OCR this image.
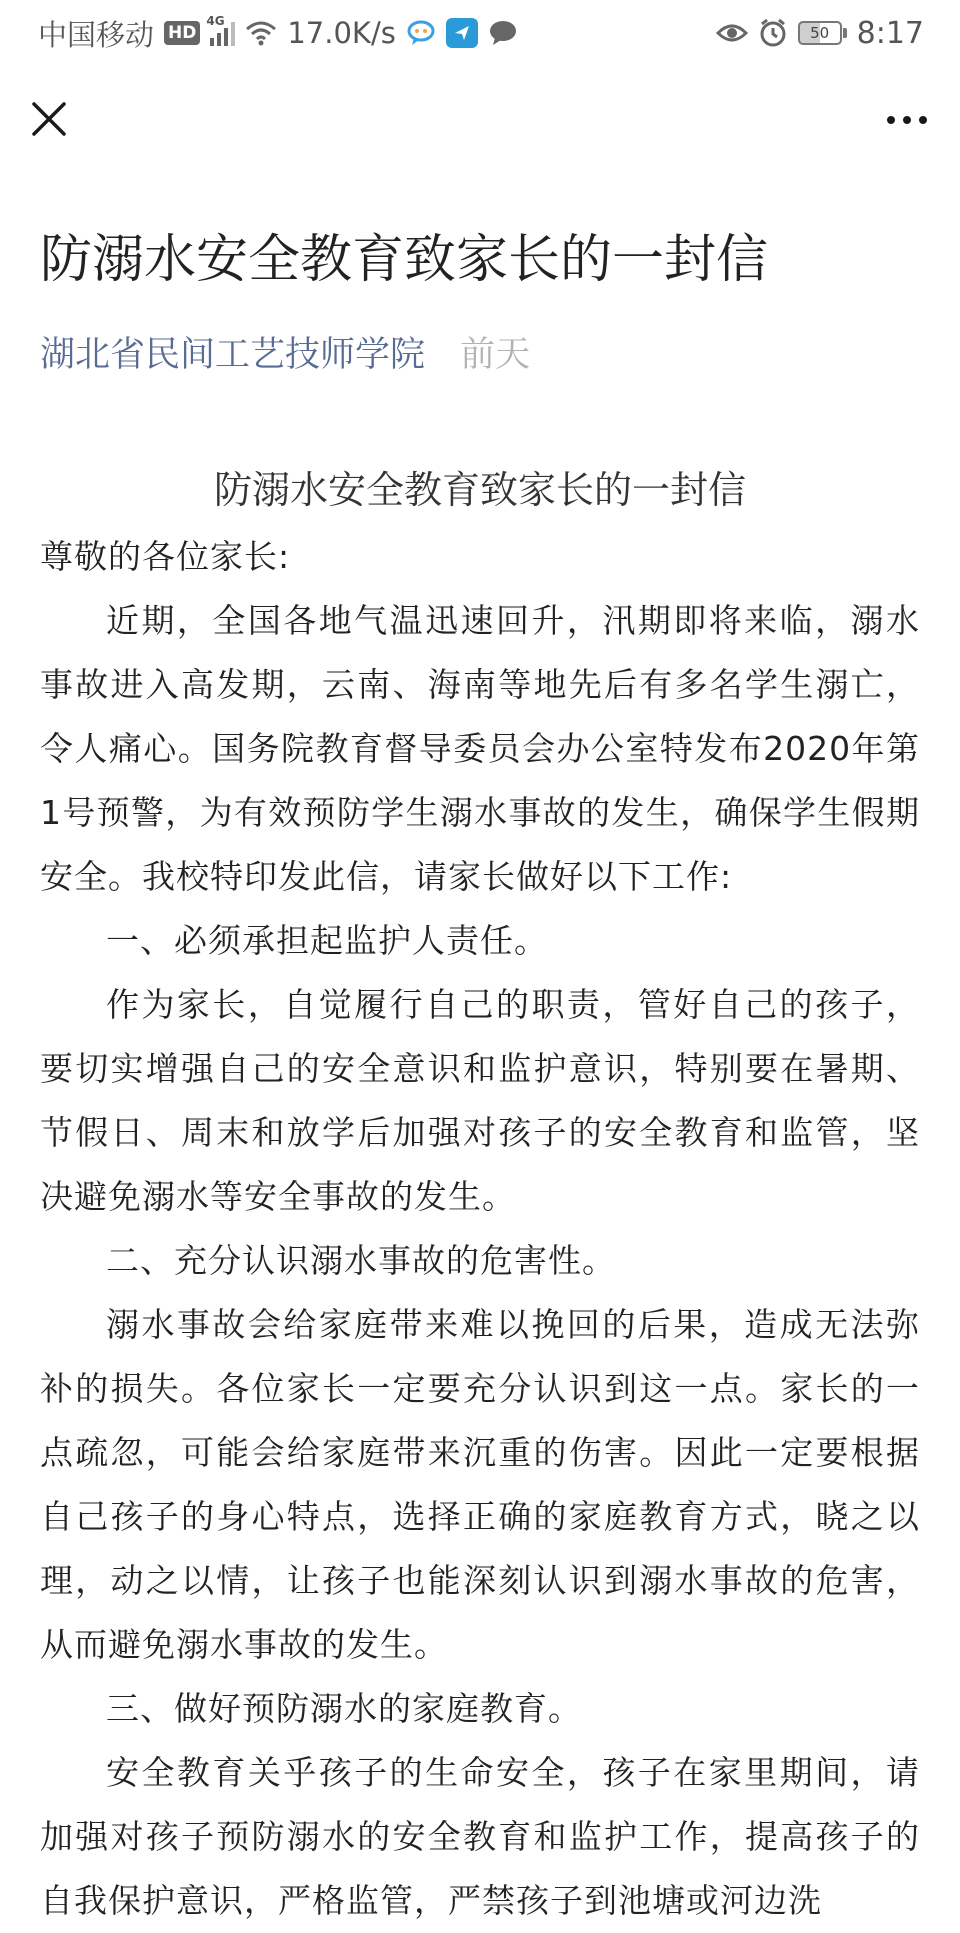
中国移动 HD
4G 17.0K/s	50 8:17
防溺水安全教育致家长的一封信
湖北省民间工艺技师学院 前天
防溺水安全教育致家长的一封信

尊敬的各位家长:

近期，全国各地气温迅速回升，汛期即将来临，溺水事故进入高发期，云南、海南等地先后有多名学生溺亡，令人痛心。国务院教育督导委员会办公室特发布2020年第1号预警，为有效预防学生溺水事故的发生，确保学生假期安全。我校特印发此信，请家长做好以下工作:

一、必须承担起监护人责任。

作为家长，自觉履行自己的职责，管好自己的孩子，要切实增强自己的安全意识和监护意识，特别要在暑期、节假日、周末和放学后加强对孩子的安全教育和监管，坚决避免溺水等安全事故的发生。

二、充分认识溺水事故的危害性。

溺水事故会给家庭带来难以挽回的后果，造成无法弥补的损失。各位家长一定要充分认识到这一点。家长的一点疏忽，可能会给家庭带来沉重的伤害。因此一定要根据自己孩子的身心特点，选择正确的家庭教育方式，晓之以理，动之以情，让孩子也能深刻认识到溺水事故的危害，从而避免溺水事故的发生。

三、做好预防溺水的家庭教育。

安全教育关乎孩子的生命安全，孩子在家里期间，请加强对孩子预防溺水的安全教育和监护工作，提高孩子的自我保护意识，严格监管，严禁孩子到池塘或河边洗
